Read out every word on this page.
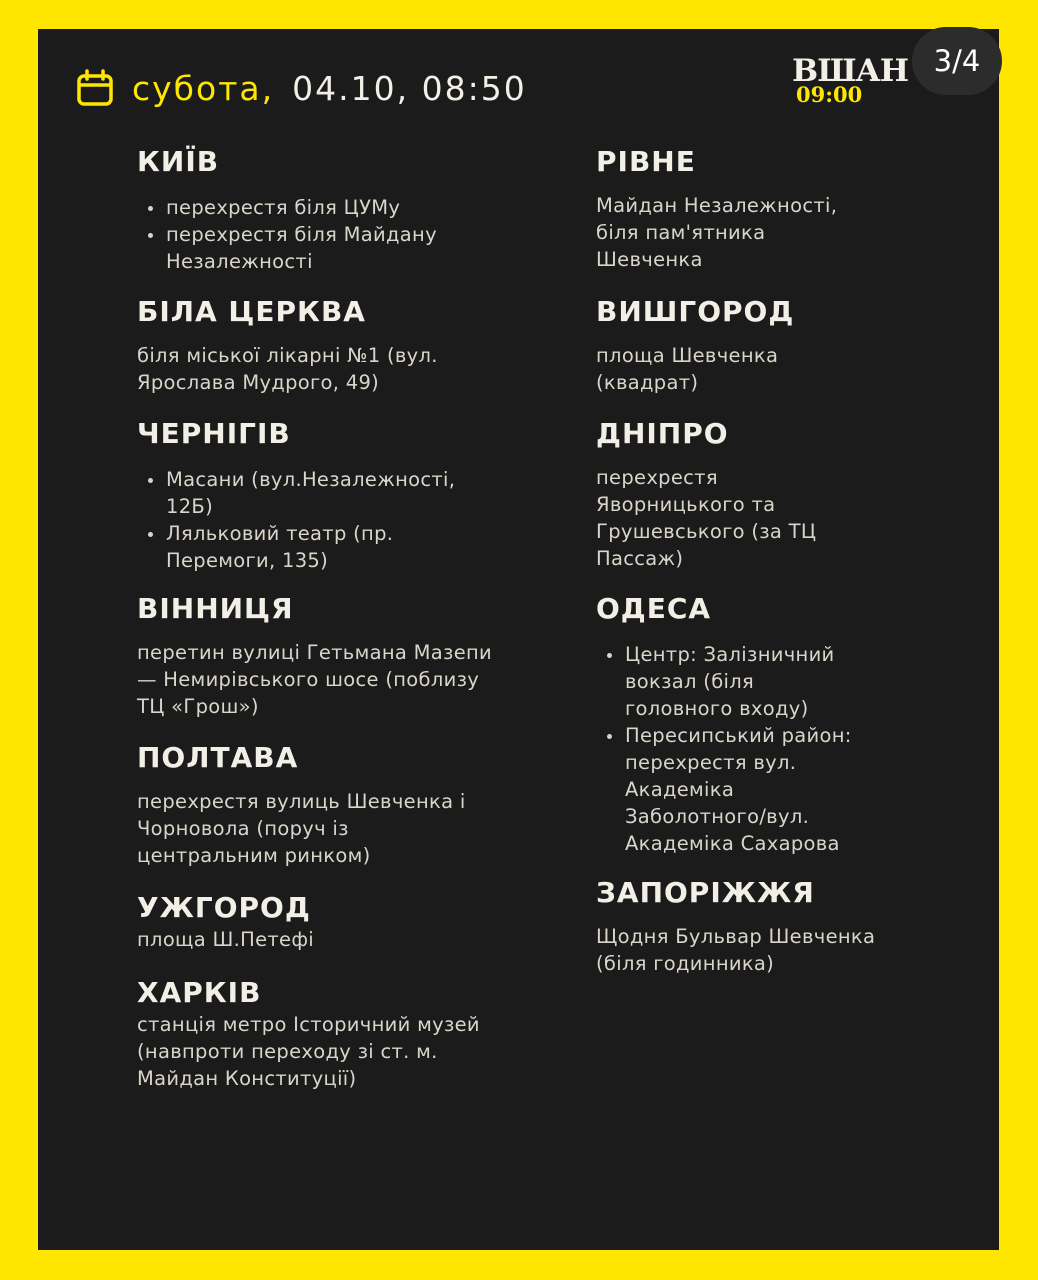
субота, 04.10, 08:50	ВШАН
09:00
3/4
КИЇВ
перехрестя біля ЦУМу
перехрестя біля Майдану Незалежності
БІЛА ЦЕРКВА
біля міської лікарні №1 (вул. Ярослава Мудрого, 49)
ЧЕРНІГІВ
Масани (вул.Незалежності, 12Б)
Ляльковий театр (пр. Перемоги, 135)
ВІННИЦЯ
перетин вулиці Гетьмана Мазепи — Немирівського шосе (поблизу ТЦ «Грош»)
ПОЛТАВА
перехрестя вулиць Шевченка і Чорновола (поруч із центральним ринком)
УЖГОРОД
площа Ш.Петефі
ХАРКІВ
станція метро Історичний музей (навпроти переходу зі ст. м. Майдан Конституції)
РІВНЕ
Майдан Незалежності, біля пам'ятника Шевченка
ВИШГОРОД
площа Шевченка (квадрат)
ДНІПРО
перехрестя Яворницького та Грушевського (за ТЦ Пассаж)
ОДЕСА
Центр: Залізничний вокзал (біля головного входу)
Пересипський район: перехрестя вул. Академіка Заболотного/вул. Академіка Сахарова
ЗАПОРІЖЖЯ
Щодня Бульвар Шевченка (біля годинника)
